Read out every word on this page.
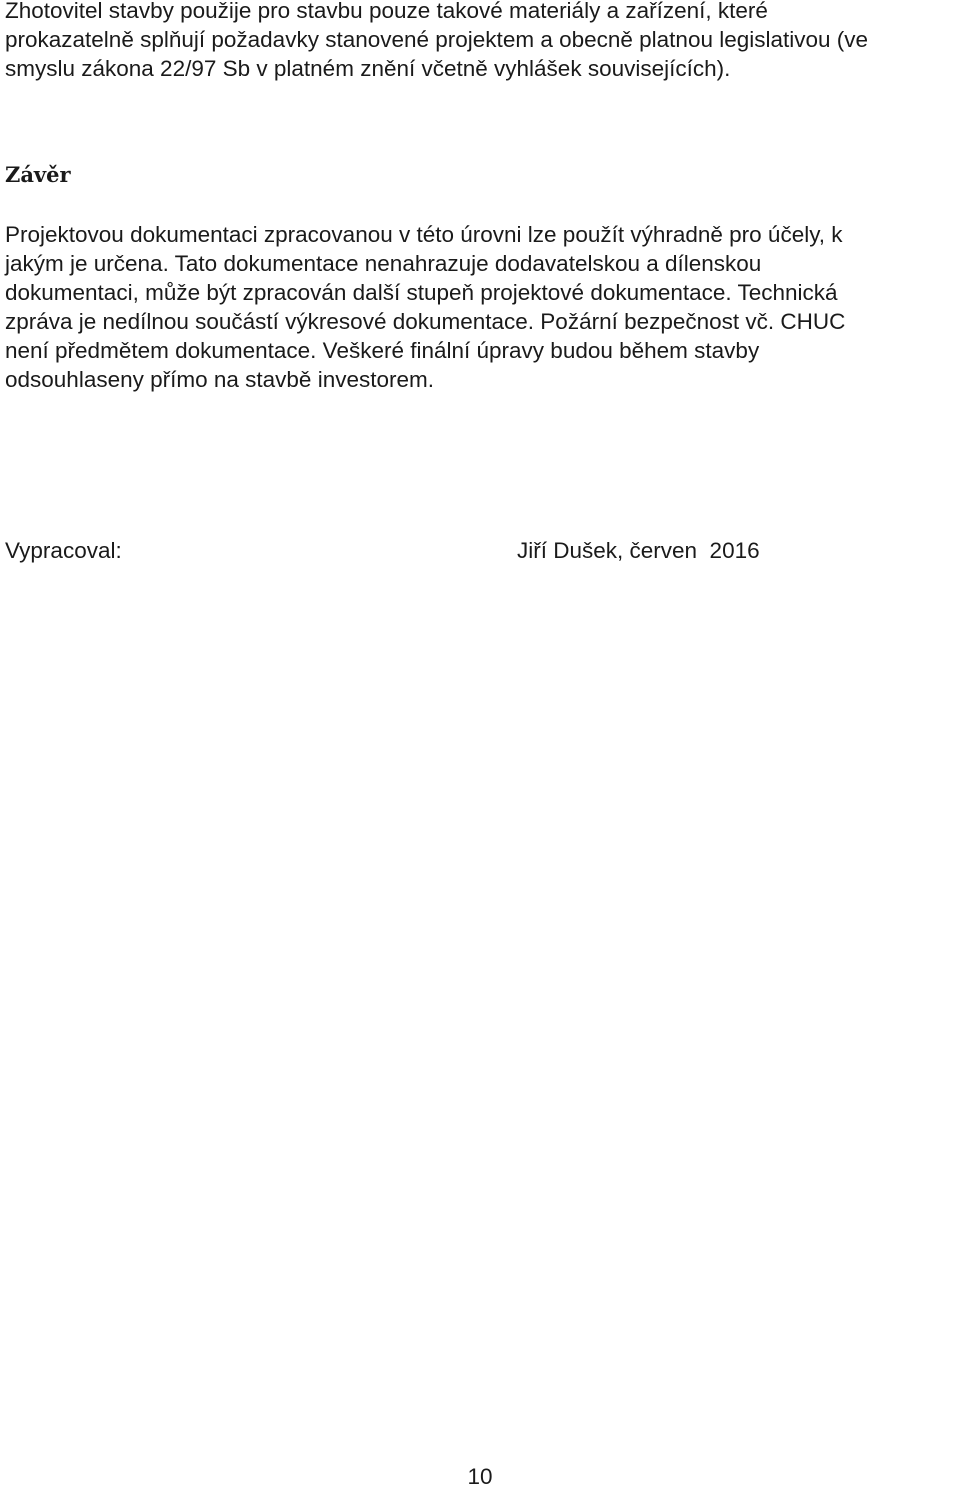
Zhotovitel stavby použije pro stavbu pouze takové materiály a zařízení, které
prokazatelně splňují požadavky stanovené projektem a obecně platnou legislativou (ve
smyslu zákona 22/97 Sb v platném znění včetně vyhlášek souvisejících).
Závěr
Projektovou dokumentaci zpracovanou v této úrovni lze použít výhradně pro účely, k
jakým je určena. Tato dokumentace nenahrazuje dodavatelskou a dílenskou
dokumentaci, může být zpracován další stupeň projektové dokumentace. Technická
zpráva je nedílnou součástí výkresové dokumentace. Požární bezpečnost vč. CHUC
není předmětem dokumentace. Veškeré finální úpravy budou během stavby
odsouhlaseny přímo na stavbě investorem.
Vypracoval:	Jiří Dušek, červen  2016
10
